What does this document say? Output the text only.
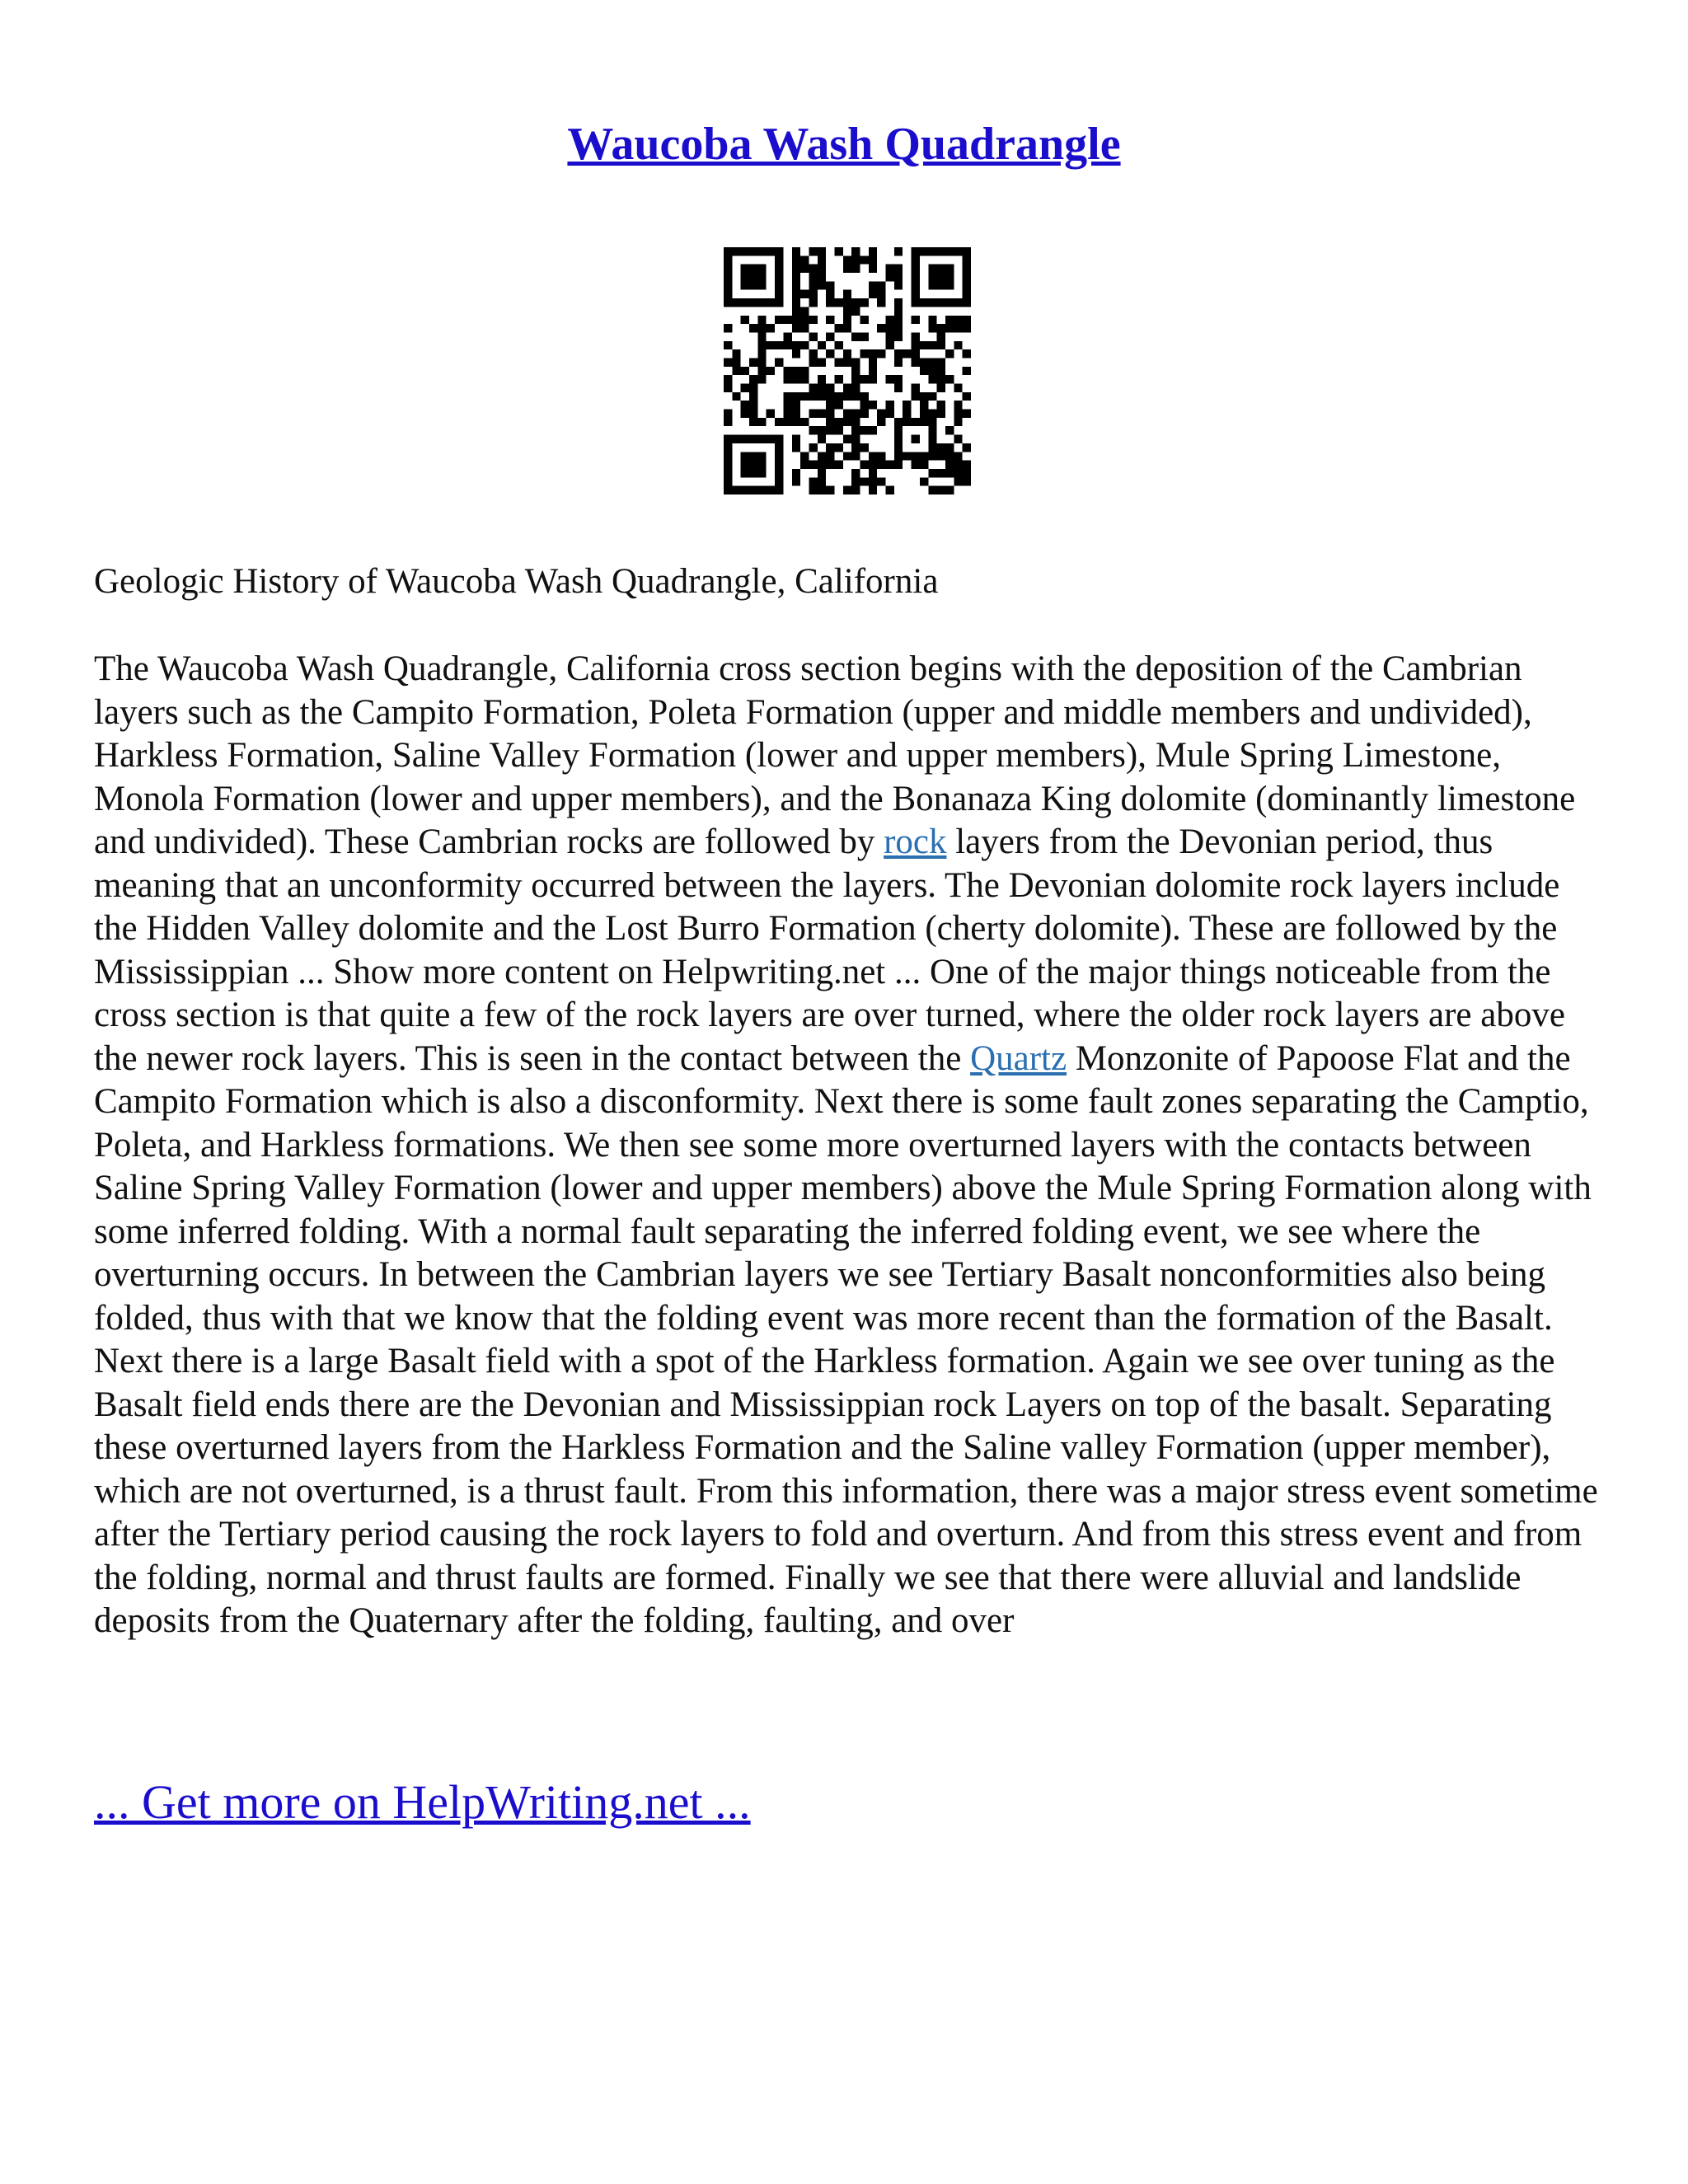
Waucoba Wash Quadrangle

Geologic History of Waucoba Wash Quadrangle, California

The Waucoba Wash Quadrangle, California cross section begins with the deposition of the Cambrian layers such as the Campito Formation, Poleta Formation (upper and middle members and undivided), Harkless Formation, Saline Valley Formation (lower and upper members), Mule Spring Limestone, Monola Formation (lower and upper members), and the Bonanaza King dolomite (dominantly limestone and undivided). These Cambrian rocks are followed by rock layers from the Devonian period, thus meaning that an unconformity occurred between the layers. The Devonian dolomite rock layers include the Hidden Valley dolomite and the Lost Burro Formation (cherty dolomite). These are followed by the Mississippian ... Show more content on Helpwriting.net ... One of the major things noticeable from the cross section is that quite a few of the rock layers are over turned, where the older rock layers are above the newer rock layers. This is seen in the contact between the Quartz Monzonite of Papoose Flat and the Campito Formation which is also a disconformity. Next there is some fault zones separating the Camptio, Poleta, and Harkless formations. We then see some more overturned layers with the contacts between Saline Spring Valley Formation (lower and upper members) above the Mule Spring Formation along with some inferred folding. With a normal fault separating the inferred folding event, we see where the overturning occurs. In between the Cambrian layers we see Tertiary Basalt nonconformities also being folded, thus with that we know that the folding event was more recent than the formation of the Basalt. Next there is a large Basalt field with a spot of the Harkless formation. Again we see over tuning as the Basalt field ends there are the Devonian and Mississippian rock Layers on top of the basalt. Separating these overturned layers from the Harkless Formation and the Saline valley Formation (upper member), which are not overturned, is a thrust fault. From this information, there was a major stress event sometime after the Tertiary period causing the rock layers to fold and overturn. And from this stress event and from the folding, normal and thrust faults are formed. Finally we see that there were alluvial and landslide deposits from the Quaternary after the folding, faulting, and over

... Get more on HelpWriting.net ...
